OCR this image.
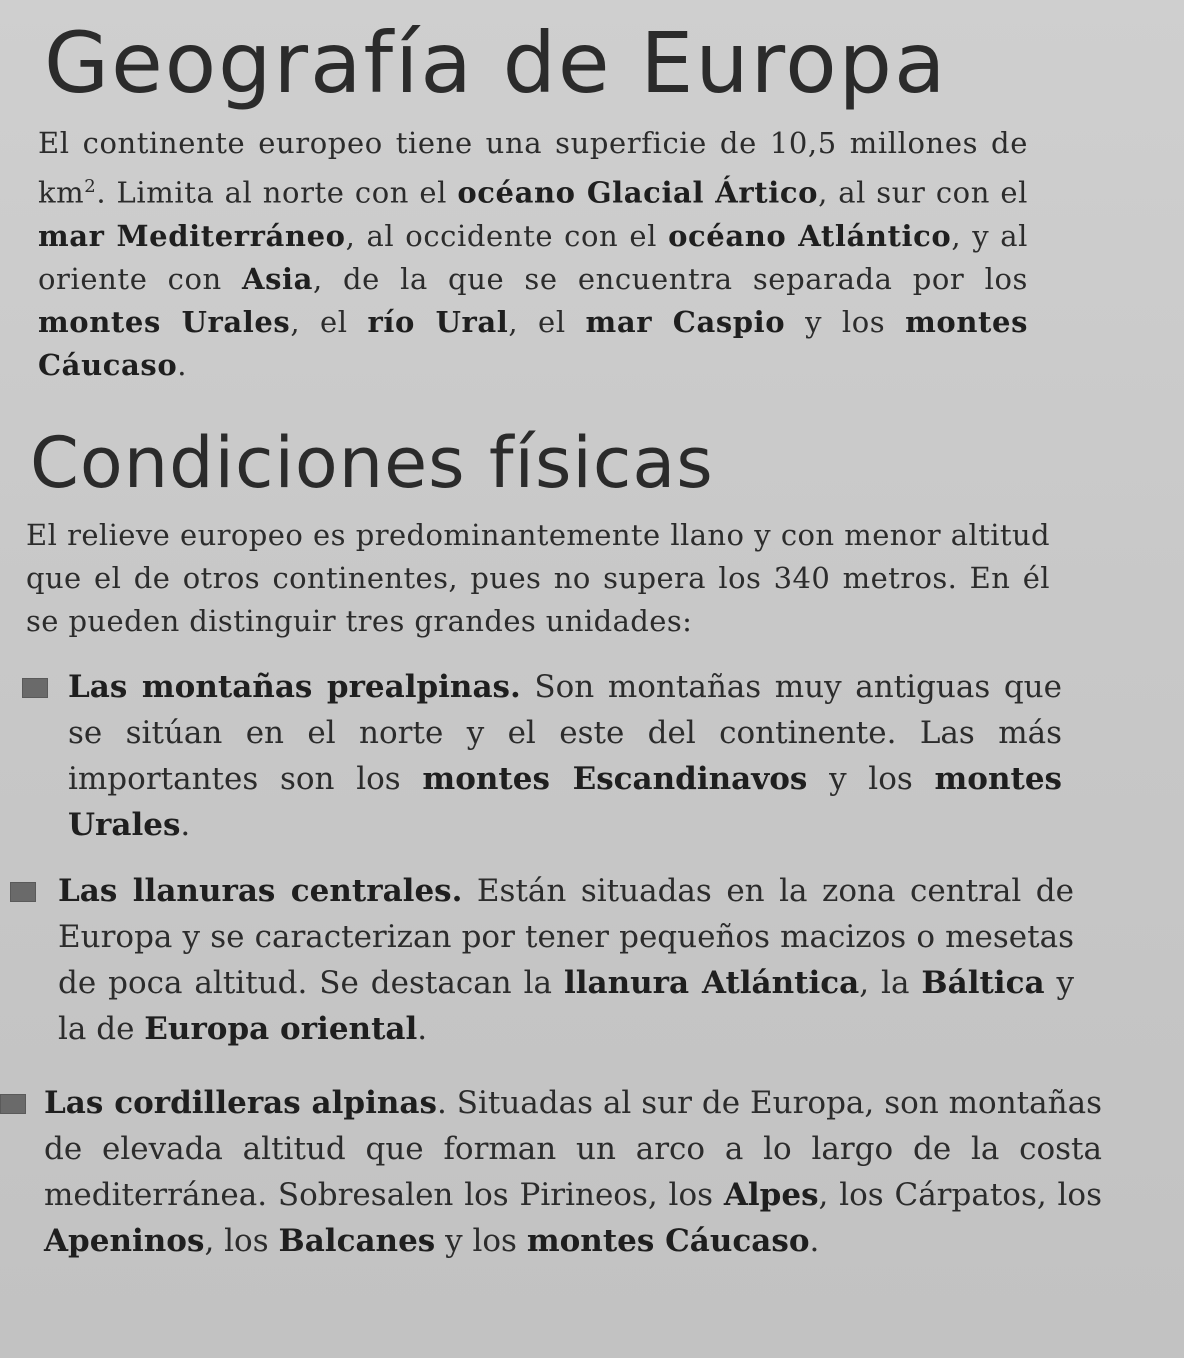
Geografía de Europa

El continente europeo tiene una superficie de 10,5 millones de $km^2$. Limita al norte con el océano Glacial Ártico, al sur con el mar Mediterráneo, al occidente con el océano Atlántico, y al oriente con Asia, de la que se encuentra separada por los montes Urales, el río Ural, el mar Caspio y los montes Cáucaso.

Condiciones físicas

El relieve europeo es predominantemente llano y con menor altitud que el de otros continentes, pues no supera los 340 metros. En él se pueden distinguir tres grandes unidades:

Las montañas prealpinas. Son montañas muy antiguas que se sitúan en el norte y el este del continente. Las más importantes son los montes Escandinavos y los montes Urales.

Las llanuras centrales. Están situadas en la zona central de Europa y se caracterizan por tener pequeños macizos o mesetas de poca altitud. Se destacan la llanura Atlántica, la Báltica y la de Europa oriental.

Las cordilleras alpinas. Situadas al sur de Europa, son montañas de elevada altitud que forman un arco a lo largo de la costa mediterránea. Sobresalen los Pirineos, los Alpes, los Cárpatos, los Apeninos, los Balcanes y los montes Cáucaso.
